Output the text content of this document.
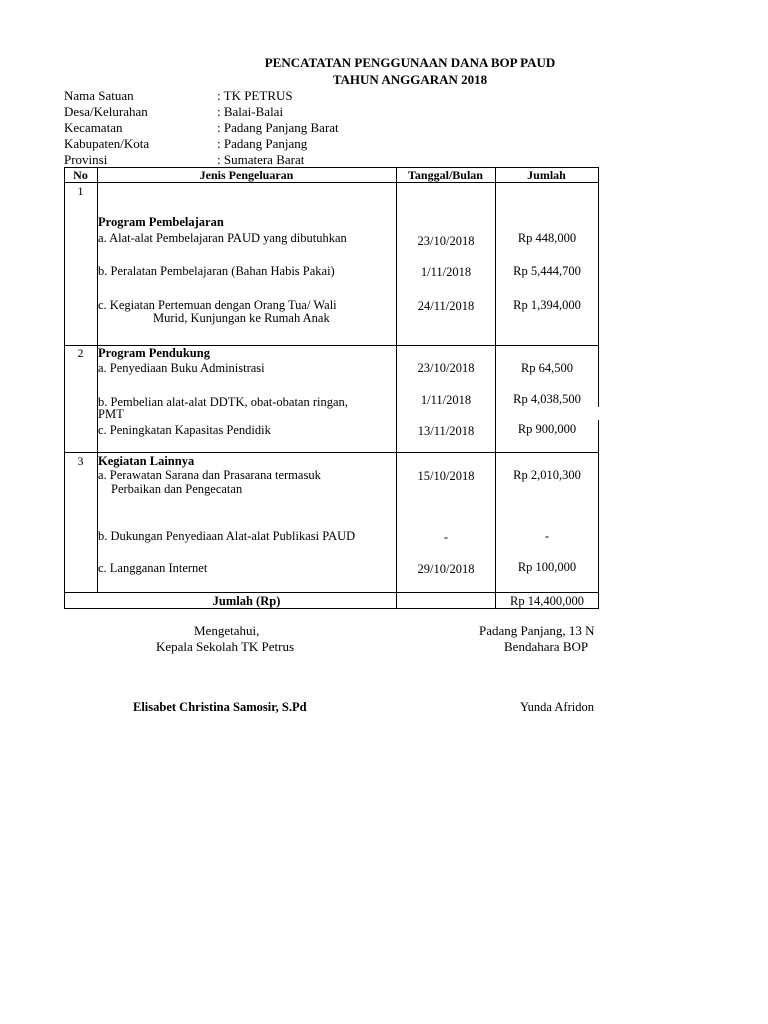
PENCATATAN PENGGUNAAN DANA BOP PAUD
TAHUN ANGGARAN 2018
Nama Satuan	: TK PETRUS
Desa/Kelurahan	: Balai-Balai
Kecamatan	: Padang Panjang Barat
Kabupaten/Kota	: Padang Panjang
Provinsi	: Sumatera Barat
No	Jenis Pengeluaran	Tanggal/Bulan	Jumlah
1
Program Pembelajaran
a. Alat-alat Pembelajaran PAUD yang dibutuhkan	23/10/2018	Rp 448,000
b. Peralatan Pembelajaran (Bahan Habis Pakai)	1/11/2018	Rp 5,444,700
c. Kegiatan Pertemuan dengan Orang Tua/ Wali
Murid, Kunjungan ke Rumah Anak
24/11/2018	Rp 1,394,000
2	Program Pendukung
a. Penyediaan Buku Administrasi	23/10/2018	Rp 64,500
b. Pembelian alat-alat DDTK, obat-obatan ringan,
PMT
1/11/2018	Rp 4,038,500
c. Peningkatan Kapasitas Pendidik	13/11/2018	Rp 900,000
3	Kegiatan Lainnya
a. Perawatan Sarana dan Prasarana termasuk
Perbaikan dan Pengecatan
15/10/2018	Rp 2,010,300
b. Dukungan Penyediaan Alat-alat Publikasi PAUD	-	-
c. Langganan Internet	29/10/2018	Rp 100,000
Jumlah (Rp)	Rp 14,400,000
Mengetahui,
Kepala Sekolah TK Petrus
Elisabet Christina Samosir, S.Pd
Padang Panjang, 13 N
Bendahara BOP
Yunda Afridon
